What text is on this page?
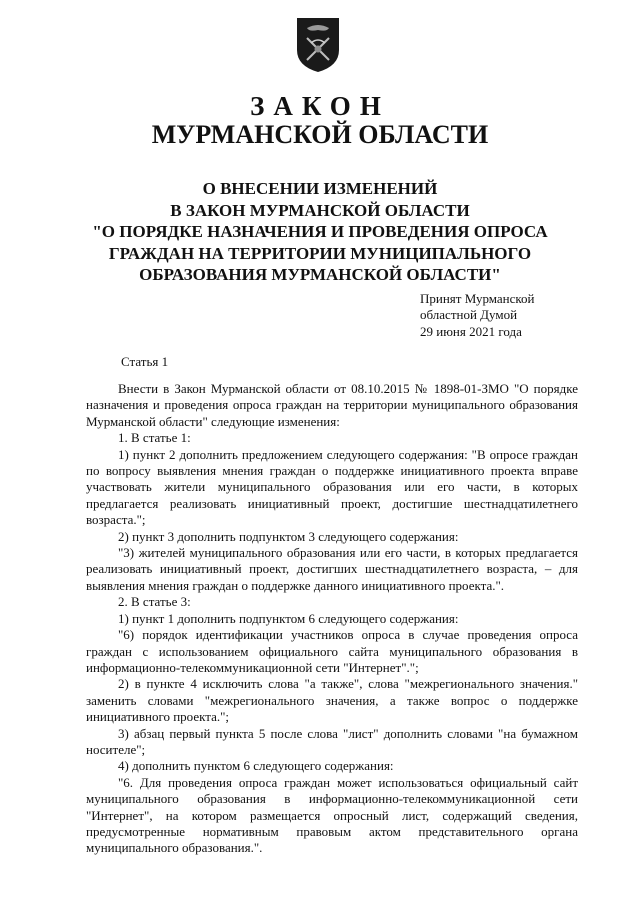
ЗАКОН
МУРМАНСКОЙ ОБЛАСТИ
О ВНЕСЕНИИ ИЗМЕНЕНИЙ
В ЗАКОН МУРМАНСКОЙ ОБЛАСТИ
"О ПОРЯДКЕ НАЗНАЧЕНИЯ И ПРОВЕДЕНИЯ ОПРОСА
ГРАЖДАН НА ТЕРРИТОРИИ МУНИЦИПАЛЬНОГО
ОБРАЗОВАНИЯ МУРМАНСКОЙ ОБЛАСТИ"
Принят Мурманской
областной Думой
29 июня 2021 года
Статья 1

Внести в Закон Мурманской области от 08.10.2015 № 1898-01-ЗМО "О порядке назначения и проведения опроса граждан на территории муниципального образования Мурманской области" следующие изменения:

1. В статье 1:

1) пункт 2 дополнить предложением следующего содержания: "В опросе граждан по вопросу выявления мнения граждан о поддержке инициативного проекта вправе участвовать жители муниципального образования или его части, в которых предлагается реализовать инициативный проект, достигшие шестнадцатилетнего возраста.";

2) пункт 3 дополнить подпунктом 3 следующего содержания:

"3) жителей муниципального образования или его части, в которых предлагается реализовать инициативный проект, достигших шестнадцатилетнего возраста, – для выявления мнения граждан о поддержке данного инициативного проекта.".

2. В статье 3:

1) пункт 1 дополнить подпунктом 6 следующего содержания:

"6) порядок идентификации участников опроса в случае проведения опроса граждан с использованием официального сайта муниципального образования в информационно-телекоммуникационной сети "Интернет".";

2) в пункте 4 исключить слова "а также", слова "межрегионального значения." заменить словами "межрегионального значения, а также вопрос о поддержке инициативного проекта.";

3) абзац первый пункта 5 после слова "лист" дополнить словами "на бумажном носителе";

4) дополнить пунктом 6 следующего содержания:

"6. Для проведения опроса граждан может использоваться официальный сайт муниципального образования в информационно-телекоммуникационной сети "Интернет", на котором размещается опросный лист, содержащий сведения, предусмотренные нормативным правовым актом представительного органа муниципального образования.".
